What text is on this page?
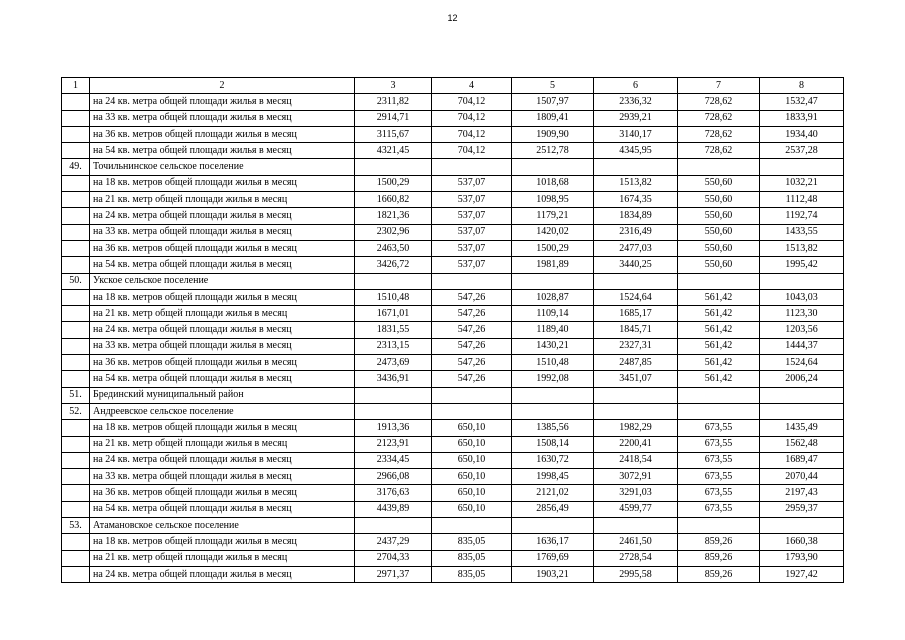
12
1	2	3	4	5	6	7	8
	на 24 кв. метра общей площади жилья в месяц	2311,82	704,12	1507,97	2336,32	728,62	1532,47
	на 33 кв. метра общей площади жилья в месяц	2914,71	704,12	1809,41	2939,21	728,62	1833,91
	на 36 кв. метров общей площади жилья в месяц	3115,67	704,12	1909,90	3140,17	728,62	1934,40
	на 54 кв. метра общей площади жилья в месяц	4321,45	704,12	2512,78	4345,95	728,62	2537,28
49.	Точильнинское сельское поселение						
	на 18 кв. метров общей площади жилья в месяц	1500,29	537,07	1018,68	1513,82	550,60	1032,21
	на 21 кв. метр общей площади жилья в месяц	1660,82	537,07	1098,95	1674,35	550,60	1112,48
	на 24 кв. метра общей площади жилья в месяц	1821,36	537,07	1179,21	1834,89	550,60	1192,74
	на 33 кв. метра общей площади жилья в месяц	2302,96	537,07	1420,02	2316,49	550,60	1433,55
	на 36 кв. метров общей площади жилья в месяц	2463,50	537,07	1500,29	2477,03	550,60	1513,82
	на 54 кв. метра общей площади жилья в месяц	3426,72	537,07	1981,89	3440,25	550,60	1995,42
50.	Укское сельское поселение						
	на 18 кв. метров общей площади жилья в месяц	1510,48	547,26	1028,87	1524,64	561,42	1043,03
	на 21 кв. метр общей площади жилья в месяц	1671,01	547,26	1109,14	1685,17	561,42	1123,30
	на 24 кв. метра общей площади жилья в месяц	1831,55	547,26	1189,40	1845,71	561,42	1203,56
	на 33 кв. метра общей площади жилья в месяц	2313,15	547,26	1430,21	2327,31	561,42	1444,37
	на 36 кв. метров общей площади жилья в месяц	2473,69	547,26	1510,48	2487,85	561,42	1524,64
	на 54 кв. метра общей площади жилья в месяц	3436,91	547,26	1992,08	3451,07	561,42	2006,24
51.	Брединский муниципальный район						
52.	Андреевское сельское поселение						
	на 18 кв. метров общей площади жилья в месяц	1913,36	650,10	1385,56	1982,29	673,55	1435,49
	на 21 кв. метр общей площади жилья в месяц	2123,91	650,10	1508,14	2200,41	673,55	1562,48
	на 24 кв. метра общей площади жилья в месяц	2334,45	650,10	1630,72	2418,54	673,55	1689,47
	на 33 кв. метра общей площади жилья в месяц	2966,08	650,10	1998,45	3072,91	673,55	2070,44
	на 36 кв. метров общей площади жилья в месяц	3176,63	650,10	2121,02	3291,03	673,55	2197,43
	на 54 кв. метра общей площади жилья в месяц	4439,89	650,10	2856,49	4599,77	673,55	2959,37
53.	Атамановское сельское поселение						
	на 18 кв. метров общей площади жилья в месяц	2437,29	835,05	1636,17	2461,50	859,26	1660,38
	на 21 кв. метр общей площади жилья в месяц	2704,33	835,05	1769,69	2728,54	859,26	1793,90
	на 24 кв. метра общей площади жилья в месяц	2971,37	835,05	1903,21	2995,58	859,26	1927,42
